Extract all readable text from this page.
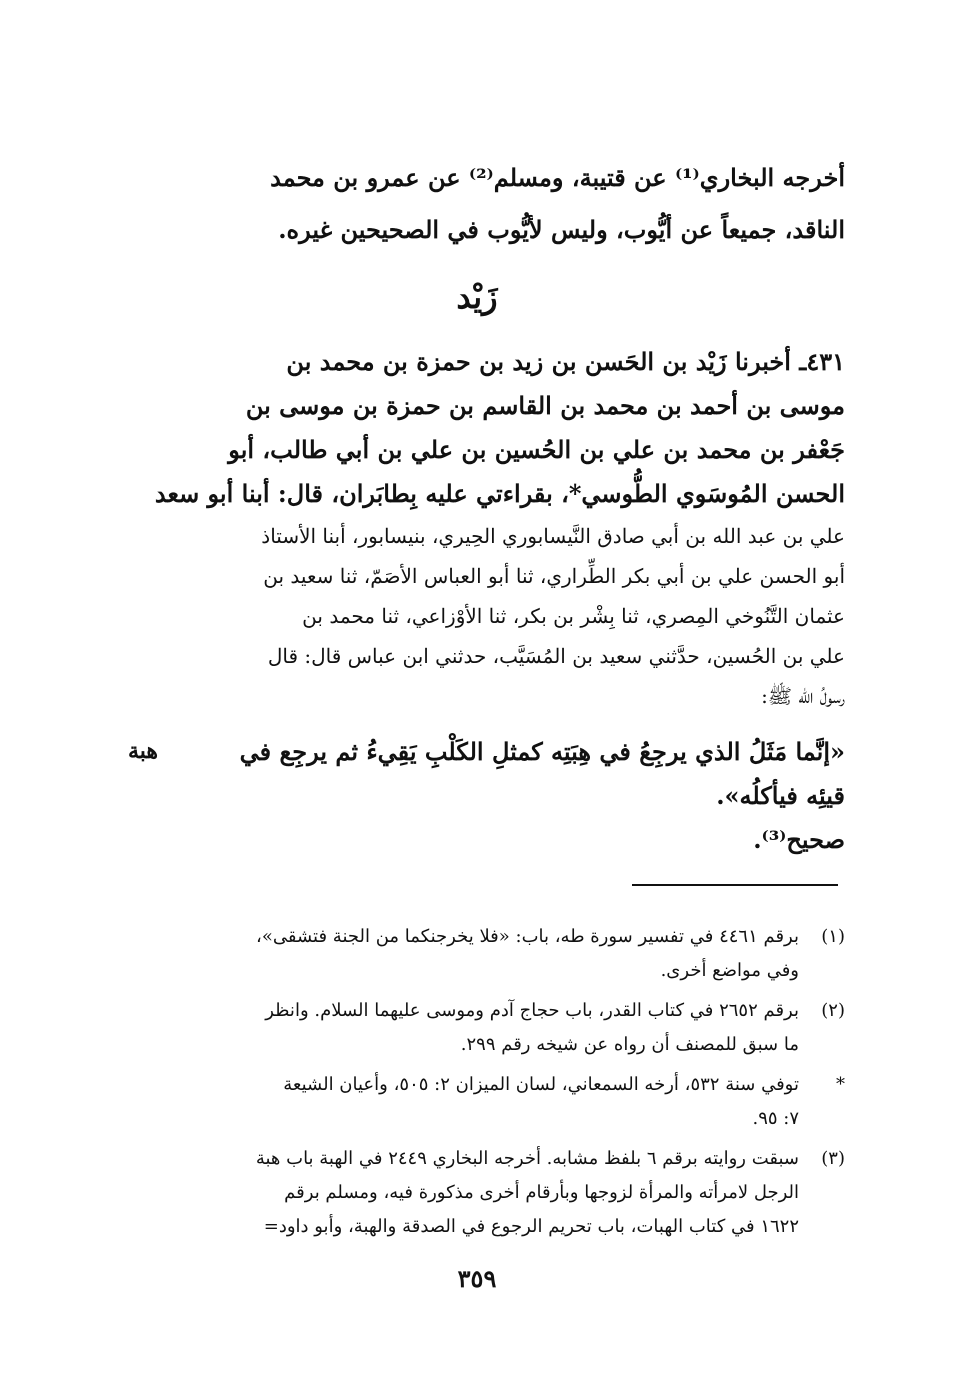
أخرجه البخاري⁽¹⁾ عن قتيبة، ومسلم⁽²⁾ عن عمرو بن محمد
الناقد، جميعاً عن أيُّوب، وليس لأيُّوب في الصحيحين غيره.
زَيْد
٤٣١ـ أخبرنا زَيْد بن الحَسن بن زيد بن حمزة بن محمد بن
موسى بن أحمد بن محمد بن القاسم بن حمزة بن موسى بن
جَعْفر بن محمد بن علي بن الحُسين بن علي بن أبي طالب، أبو
الحسن المُوسَوي الطُّوسي*، بقراءتي عليه بِطابَران، قال: أبنا أبو سعد
علي بن عبد الله بن أبي صادق النَّيسابوري الحِيري، بنيسابور، أبنا الأستاذ
أبو الحسن علي بن أبي بكر الطِّراري، ثنا أبو العباس الأصَمّ، ثنا سعيد بن
عثمان التَّنُوخي المِصري، ثنا بِشْر بن بكر، ثنا الأوْزاعي، ثنا محمد بن
علي بن الحُسين، حدَّثني سعيد بن المُسَيَّب، حدثني ابن عباس قال: قال
رسولُ الله ﷺ:
هبة	«إنَّما مَثَلُ الذي يرجِعُ في هِبَتِه كمثلِ الكَلْبِ يَقِيءُ ثم يرجِع في
قيئِه فيأكلُه».
صحيح⁽³⁾.
(١)
برقم ٤٤٦١ في تفسير سورة طه، باب: «فلا يخرجنكما من الجنة فتشقى»،
وفي مواضع أخرى.
(٢)
برقم ٢٦٥٢ في كتاب القدر، باب حجاج آدم وموسى عليهما السلام. وانظر
ما سبق للمصنف أن رواه عن شيخه رقم ٢٩٩.
*
توفي سنة ٥٣٢، أرخه السمعاني، لسان الميزان ٢: ٥٠٥، وأعيان الشيعة
٧: ٩٥.
(٣)
سبقت روايته برقم ٦ بلفظ مشابه. أخرجه البخاري ٢٤٤٩ في الهبة باب هبة
الرجل لامرأته والمرأة لزوجها وبأرقام أخرى مذكورة فيه، ومسلم برقم
١٦٢٢ في كتاب الهبات، باب تحريم الرجوع في الصدقة والهبة، وأبو داود=
٣٥٩
